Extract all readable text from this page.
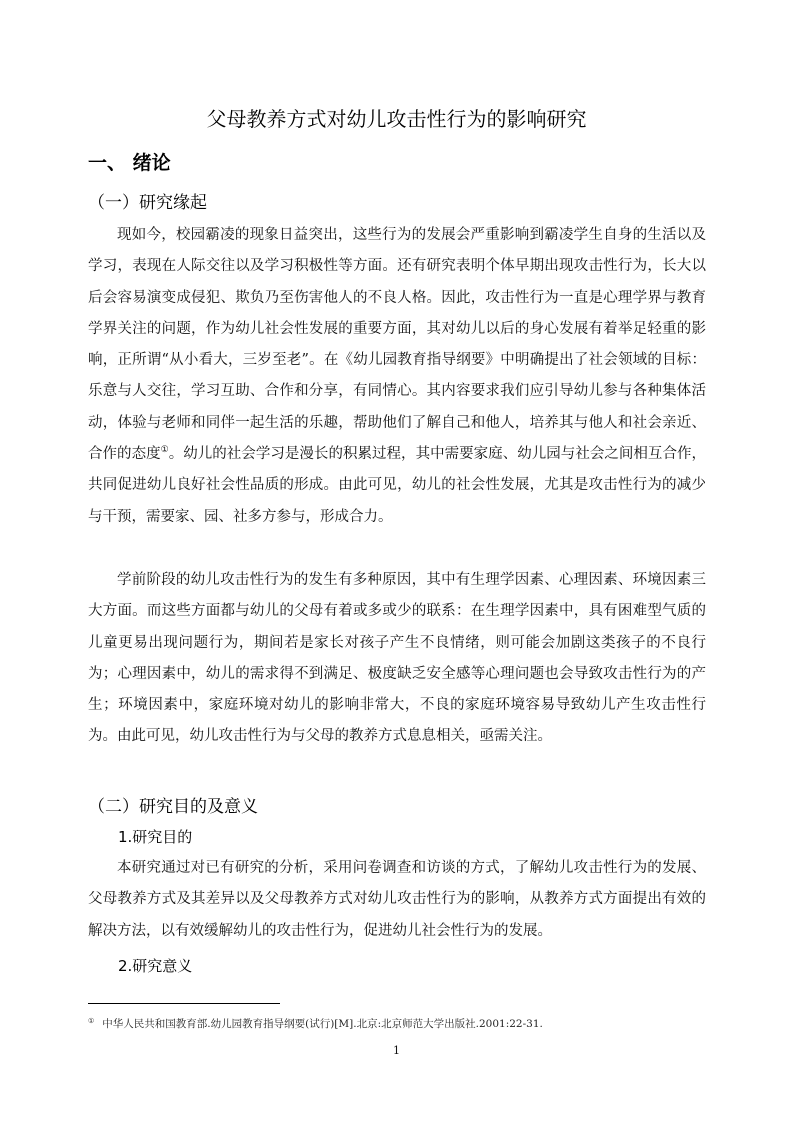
父母教养方式对幼儿攻击性行为的影响研究
一、 绪论
（一）研究缘起

现如今，校园霸凌的现象日益突出，这些行为的发展会严重影响到霸凌学生自身的生活以及学习，表现在人际交往以及学习积极性等方面。还有研究表明个体早期出现攻击性行为，长大以后会容易演变成侵犯、欺负乃至伤害他人的不良人格。因此，攻击性行为一直是心理学界与教育学界关注的问题，作为幼儿社会性发展的重要方面，其对幼儿以后的身心发展有着举足轻重的影响，正所谓“从小看大，三岁至老”。在《幼儿园教育指导纲要》中明确提出了社会领域的目标：乐意与人交往，学习互助、合作和分享，有同情心。其内容要求我们应引导幼儿参与各种集体活动，体验与老师和同伴一起生活的乐趣，帮助他们了解自己和他人，培养其与他人和社会亲近、合作的态度①。幼儿的社会学习是漫长的积累过程，其中需要家庭、幼儿园与社会之间相互合作，共同促进幼儿良好社会性品质的形成。由此可见，幼儿的社会性发展，尤其是攻击性行为的减少与干预，需要家、园、社多方参与，形成合力。

学前阶段的幼儿攻击性行为的发生有多种原因，其中有生理学因素、心理因素、环境因素三大方面。而这些方面都与幼儿的父母有着或多或少的联系：在生理学因素中，具有困难型气质的儿童更易出现问题行为，期间若是家长对孩子产生不良情绪，则可能会加剧这类孩子的不良行为；心理因素中，幼儿的需求得不到满足、极度缺乏安全感等心理问题也会导致攻击性行为的产生；环境因素中，家庭环境对幼儿的影响非常大，不良的家庭环境容易导致幼儿产生攻击性行为。由此可见，幼儿攻击性行为与父母的教养方式息息相关，亟需关注。

（二）研究目的及意义
1.研究目的

本研究通过对已有研究的分析，采用问卷调查和访谈的方式，了解幼儿攻击性行为的发展、父母教养方式及其差异以及父母教养方式对幼儿攻击性行为的影响，从教养方式方面提出有效的解决方法，以有效缓解幼儿的攻击性行为，促进幼儿社会性行为的发展。

2.研究意义
① 中华人民共和国教育部.幼儿园教育指导纲要(试行)[M].北京:北京师范大学出版社.2001:22-31.
1
